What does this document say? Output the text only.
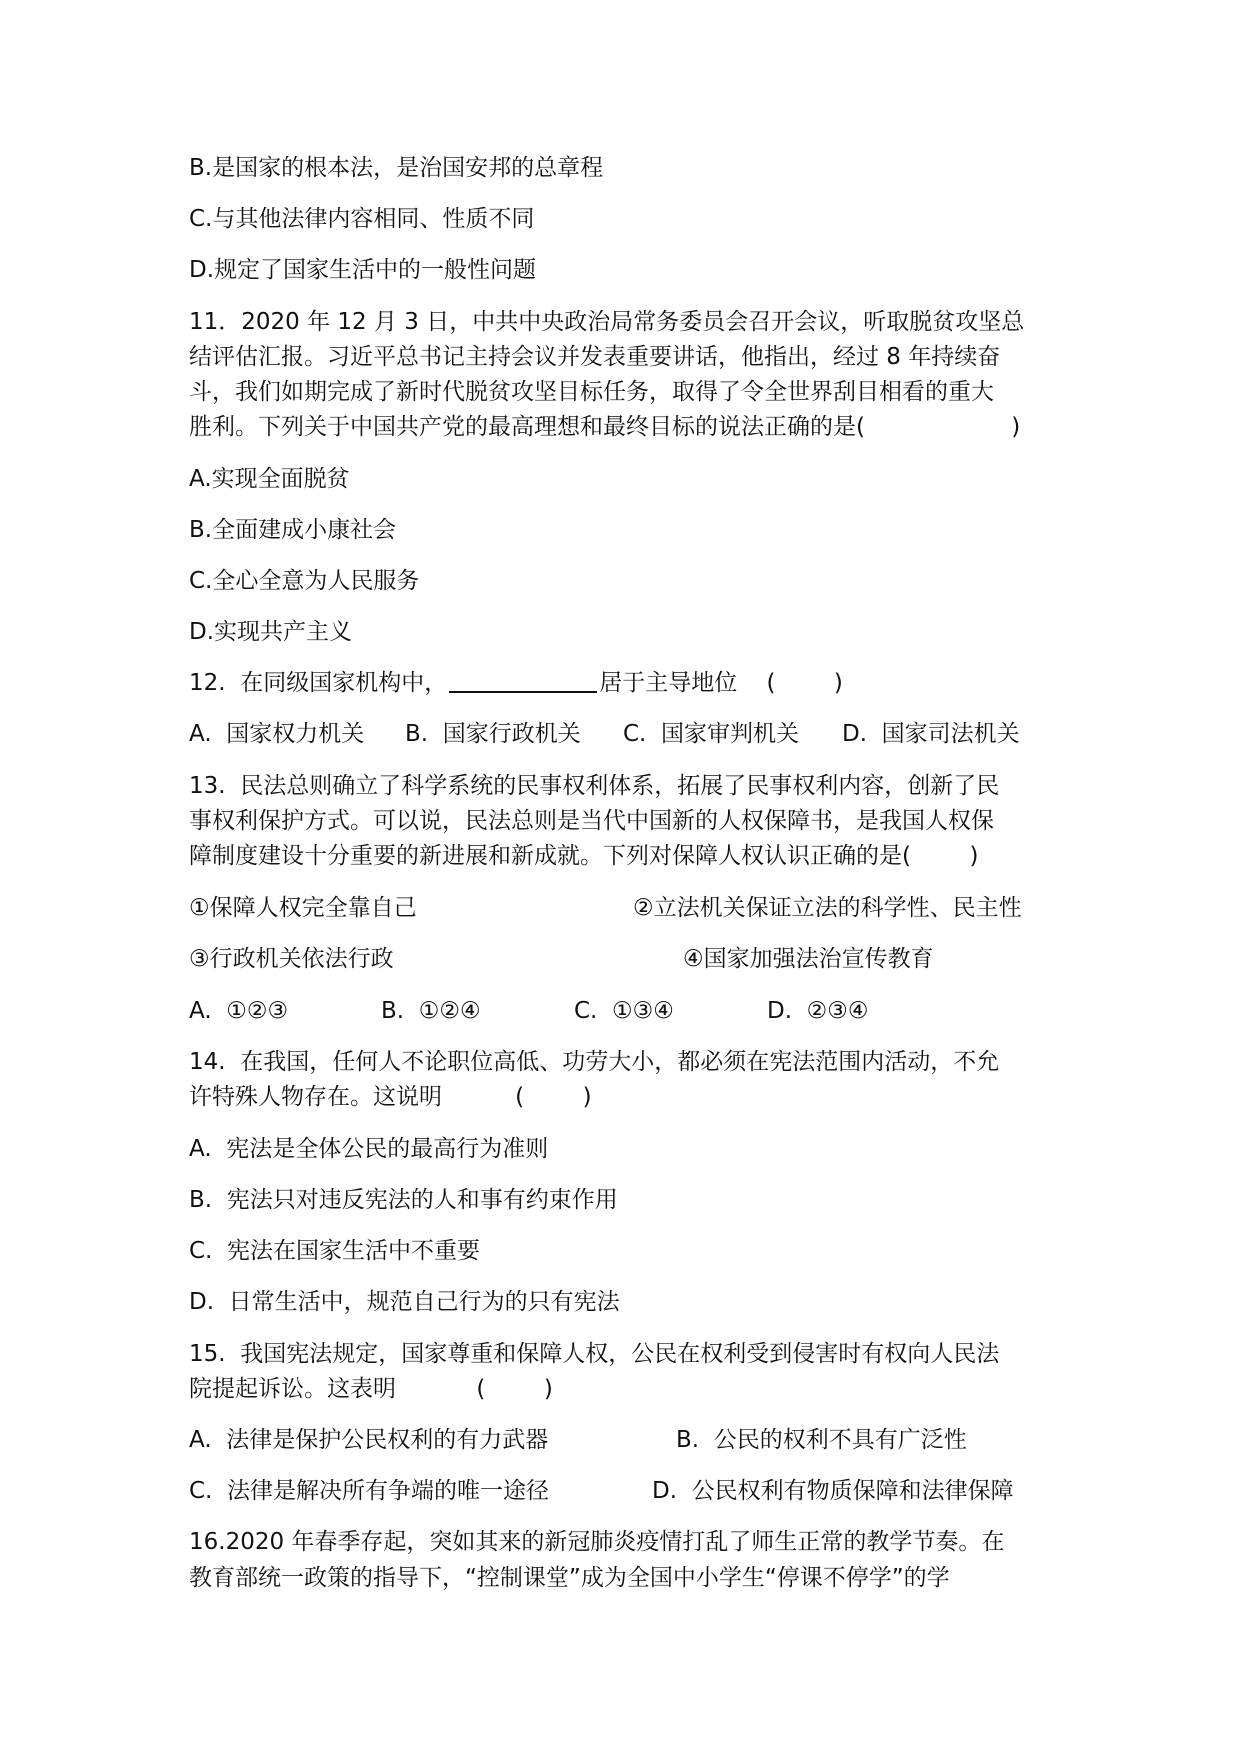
B.是国家的根本法，是治国安邦的总章程
C.与其他法律内容相同、性质不同
D.规定了国家生活中的一般性问题
11．2020 年 12 月 3 日，中共中央政治局常务委员会召开会议，听取脱贫攻坚总
结评估汇报。习近平总书记主持会议并发表重要讲话，他指出，经过 8 年持续奋
斗，我们如期完成了新时代脱贫攻坚目标任务，取得了令全世界刮目相看的重大
胜利。下列关于中国共产党的最高理想和最终目标的说法正确的是(                    )
A.实现全面脱贫
B.全面建成小康社会
C.全心全意为人民服务
D.实现共产主义
12.  在同级国家机构中，	居于主导地位    (        )
A.  国家权力机关 B.  国家行政机关 C.  国家审判机关 D.  国家司法机关
13.  民法总则确立了科学系统的民事权利体系，拓展了民事权利内容，创新了民
事权利保护方式。可以说，民法总则是当代中国新的人权保障书，是我国人权保
障制度建设十分重要的新进展和新成就。下列对保障人权认识正确的是(        )
①保障人权完全靠自己	②立法机关保证立法的科学性、民主性
③行政机关依法行政	④国家加强法治宣传教育
A.  ①②③	B.  ①②④	C.  ①③④	D.  ②③④
14.  在我国，任何人不论职位高低、功劳大小，都必须在宪法范围内活动，不允
许特殊人物存在。这说明          (        )
A.  宪法是全体公民的最高行为准则
B.  宪法只对违反宪法的人和事有约束作用
C.  宪法在国家生活中不重要
D.  日常生活中，规范自己行为的只有宪法
15.  我国宪法规定，国家尊重和保障人权，公民在权利受到侵害时有权向人民法
院提起诉讼。这表明           (        )
A.  法律是保护公民权利的有力武器	B.  公民的权利不具有广泛性
C.  法律是解决所有争端的唯一途径	D.  公民权利有物质保障和法律保障
16.2020 年春季存起，突如其来的新冠肺炎疫情打乱了师生正常的教学节奏。在
教育部统一政策的指导下，“控制课堂”成为全国中小学生“停课不停学”的学
